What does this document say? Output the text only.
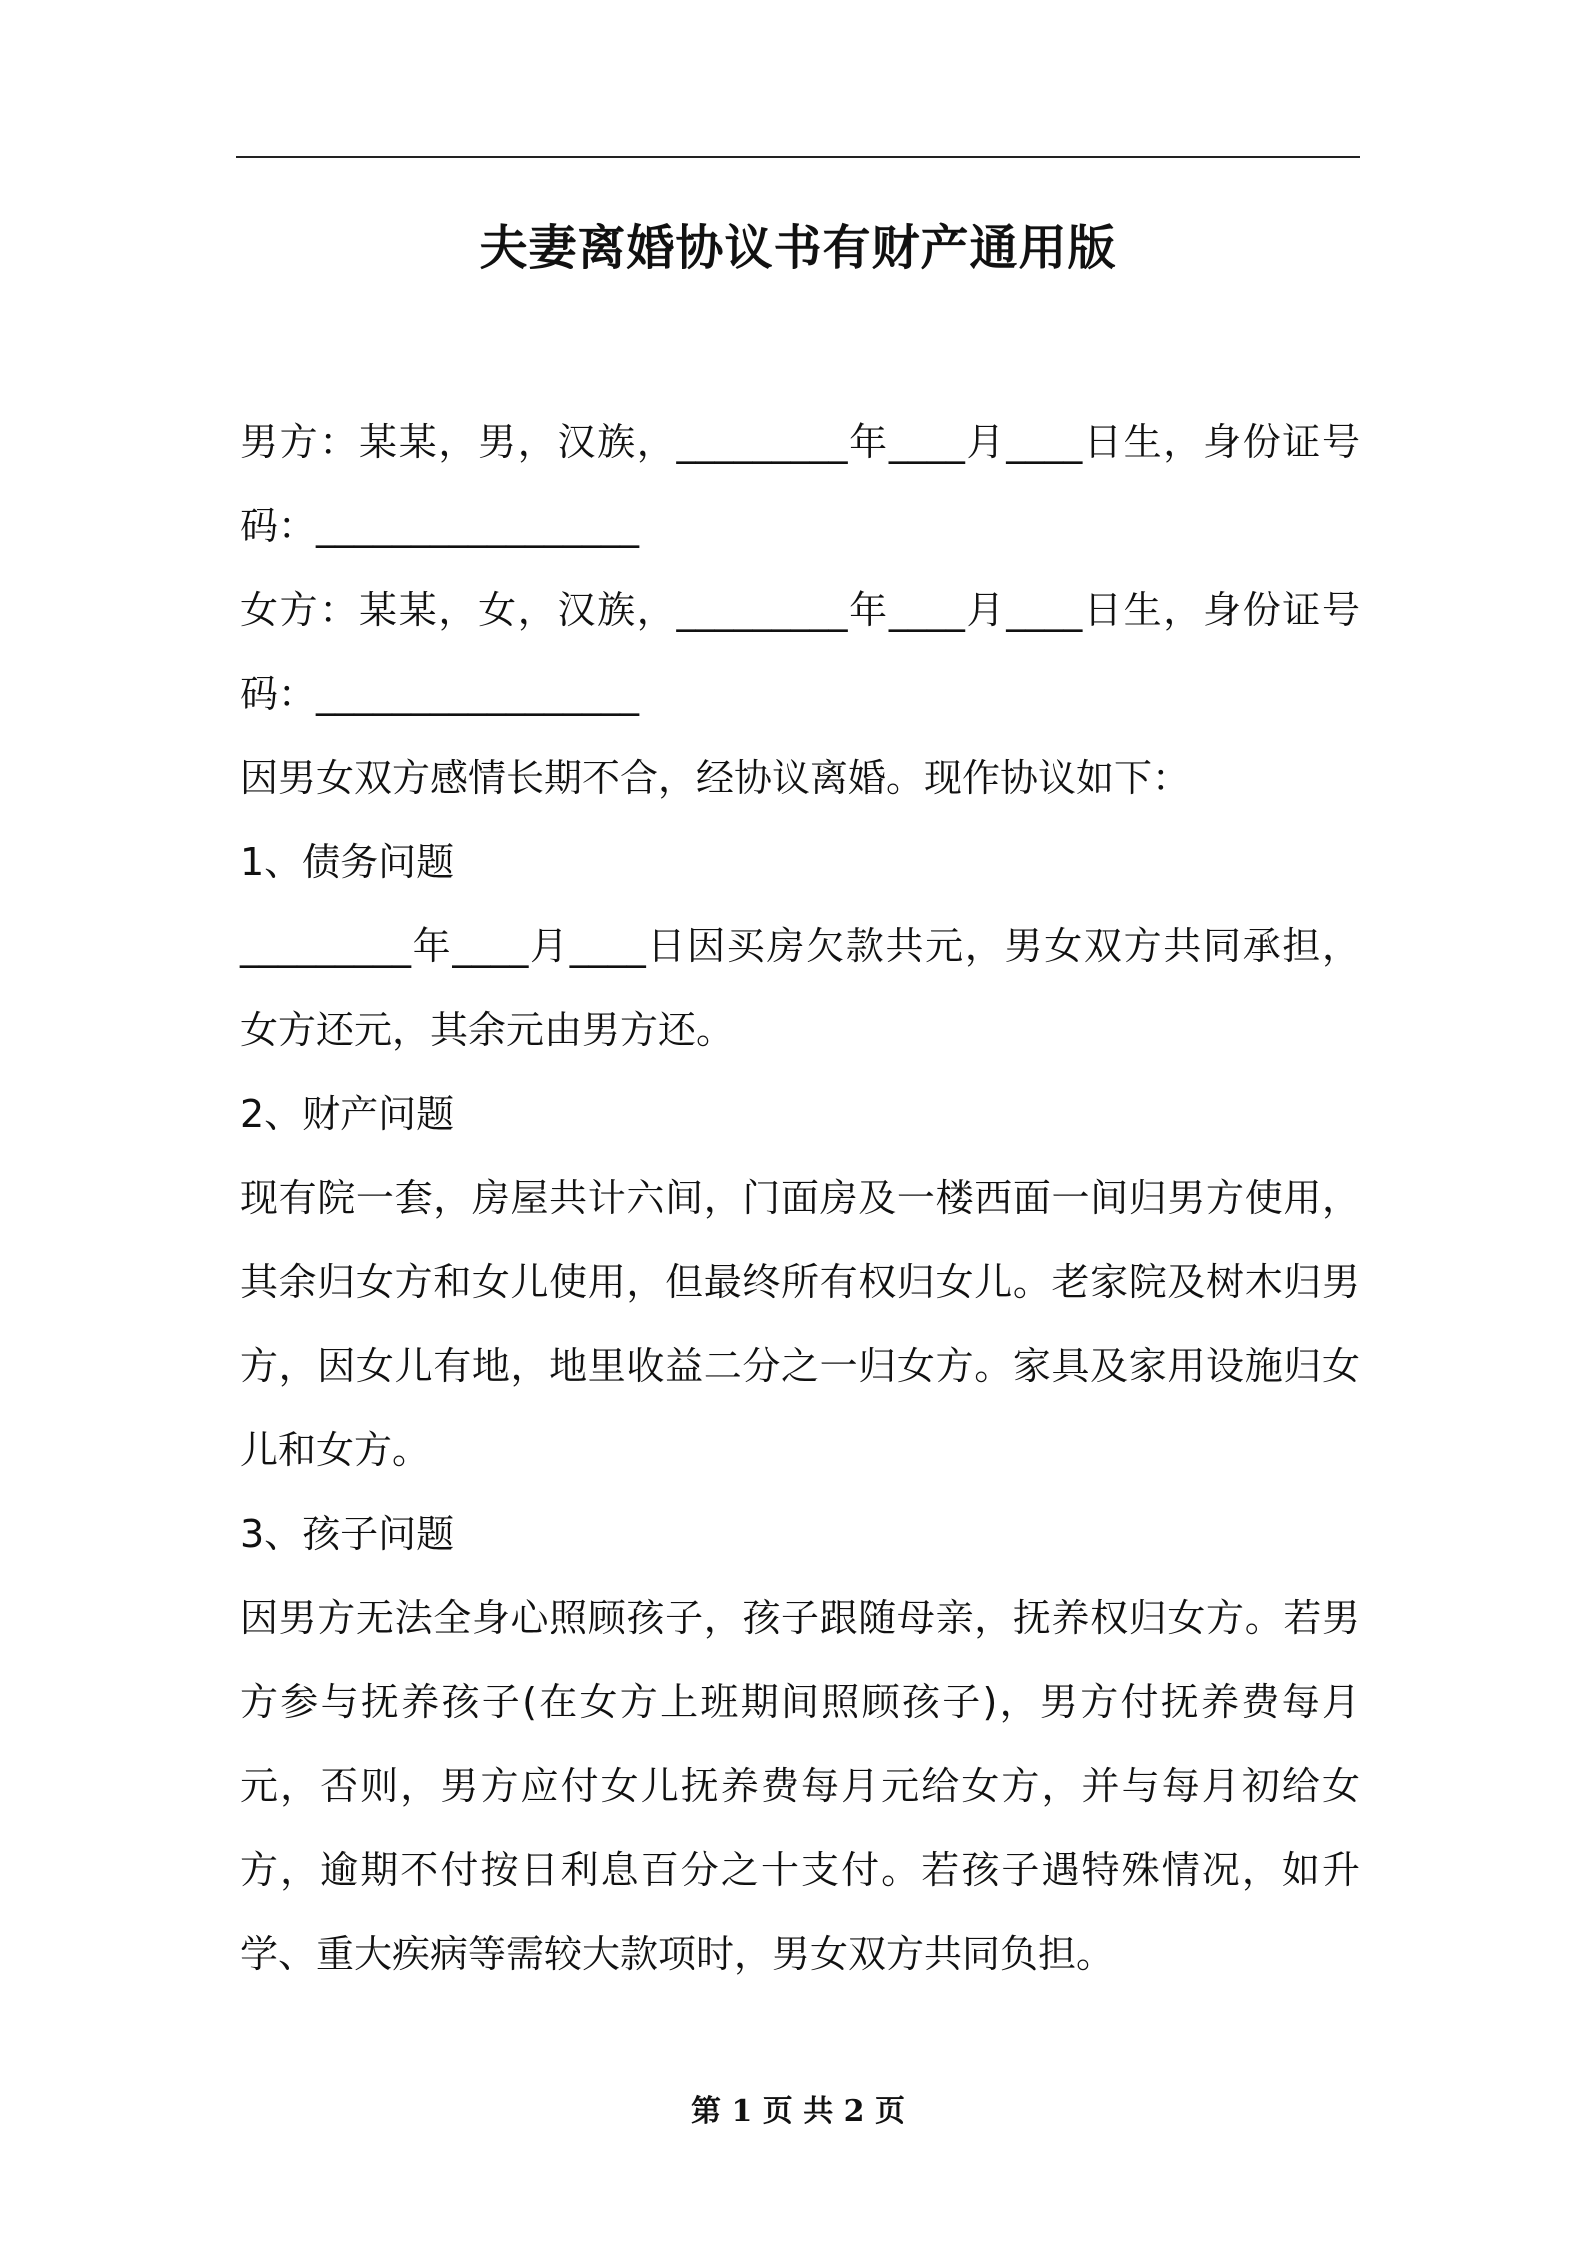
夫妻离婚协议书有财产通用版

男方：某某，男，汉族，_________年____月____日生，身份证号码：_________________

女方：某某，女，汉族，_________年____月____日生，身份证号码：_________________

因男女双方感情长期不合，经协议离婚。现作协议如下：

1、债务问题

_________年____月____日因买房欠款共元，男女双方共同承担，女方还元，其余元由男方还。

2、财产问题

现有院一套，房屋共计六间，门面房及一楼西面一间归男方使用，其余归女方和女儿使用，但最终所有权归女儿。老家院及树木归男方，因女儿有地，地里收益二分之一归女方。家具及家用设施归女儿和女方。

3、孩子问题

因男方无法全身心照顾孩子，孩子跟随母亲，抚养权归女方。若男方参与抚养孩子(在女方上班期间照顾孩子)，男方付抚养费每月元，否则，男方应付女儿抚养费每月元给女方，并与每月初给女方，逾期不付按日利息百分之十支付。若孩子遇特殊情况，如升学、重大疾病等需较大款项时，男女双方共同负担。

第 1 页 共 2 页
